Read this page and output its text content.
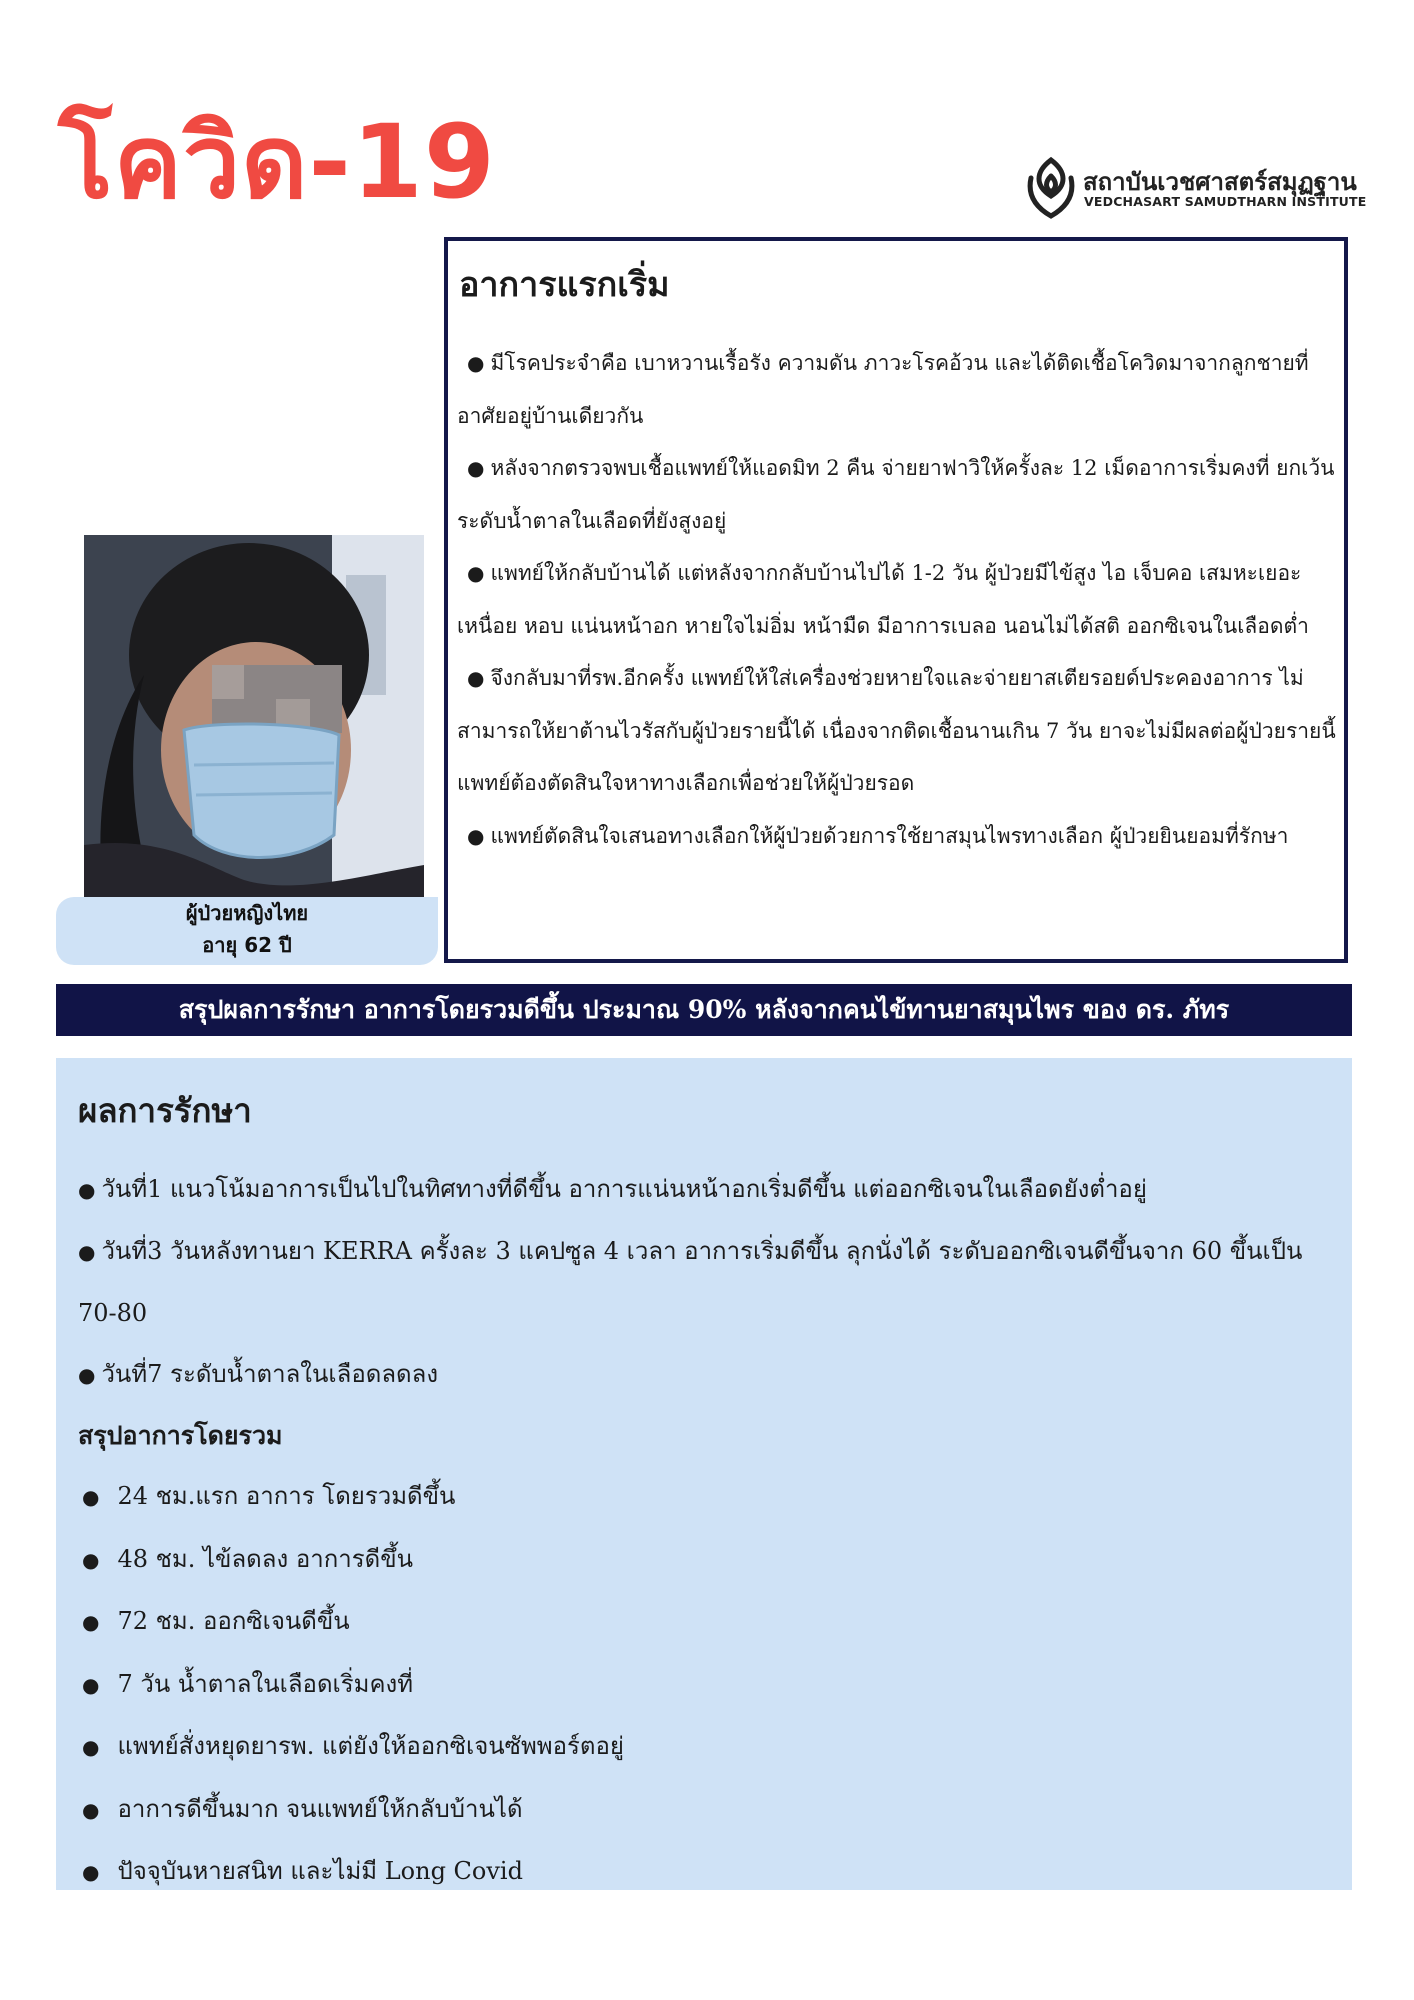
โควิด-19	สถาบันเวชศาสตร์สมุฏฐาน
VEDCHASART SAMUDTHARN INSTITUTE
ผู้ป่วยหญิงไทย
อายุ 62 ปี
อาการแรกเริ่ม

● มีโรคประจำคือ เบาหวานเรื้อรัง ความดัน ภาวะโรคอ้วน และได้ติดเชื้อโควิดมาจากลูกชายที่อาศัยอยู่บ้านเดียวกัน

● หลังจากตรวจพบเชื้อแพทย์ให้แอดมิท 2 คืน จ่ายยาฟาวิให้ครั้งละ 12 เม็ดอาการเริ่มคงที่ ยกเว้นระดับน้ำตาลในเลือดที่ยังสูงอยู่

● แพทย์ให้กลับบ้านได้ แต่หลังจากกลับบ้านไปได้ 1-2 วัน ผู้ป่วยมีไข้สูง ไอ เจ็บคอ เสมหะเยอะ เหนื่อย หอบ แน่นหน้าอก หายใจไม่อิ่ม หน้ามืด มีอาการเบลอ นอนไม่ได้สติ ออกซิเจนในเลือดต่ำ

● จึงกลับมาที่รพ.อีกครั้ง แพทย์ให้ใส่เครื่องช่วยหายใจและจ่ายยาสเตียรอยด์ประคองอาการ ไม่สามารถให้ยาต้านไวรัสกับผู้ป่วยรายนี้ได้ เนื่องจากติดเชื้อนานเกิน 7 วัน ยาจะไม่มีผลต่อผู้ป่วยรายนี้ แพทย์ต้องตัดสินใจหาทางเลือกเพื่อช่วยให้ผู้ป่วยรอด

● แพทย์ตัดสินใจเสนอทางเลือกให้ผู้ป่วยด้วยการใช้ยาสมุนไพรทางเลือก ผู้ป่วยยินยอมที่รักษา

สรุปผลการรักษา อาการโดยรวมดีขึ้น ประมาณ 90% หลังจากคนไข้ทานยาสมุนไพร ของ ดร. ภัทร
ผลการรักษา

● วันที่1 แนวโน้มอาการเป็นไปในทิศทางที่ดีขึ้น อาการแน่นหน้าอกเริ่มดีขึ้น แต่ออกซิเจนในเลือดยังต่ำอยู่

● วันที่3 วันหลังทานยา KERRA ครั้งละ 3 แคปซูล 4 เวลา อาการเริ่มดีขึ้น ลุกนั่งได้ ระดับออกซิเจนดีขึ้นจาก 60 ขึ้นเป็น 70-80

● วันที่7 ระดับน้ำตาลในเลือดลดลง

สรุปอาการโดยรวม

● 24 ชม.แรก อาการ โดยรวมดีขึ้น

● 48 ชม. ไข้ลดลง อาการดีขึ้น

● 72 ชม. ออกซิเจนดีขึ้น

● 7 วัน น้ำตาลในเลือดเริ่มคงที่

● แพทย์สั่งหยุดยารพ. แต่ยังให้ออกซิเจนซัพพอร์ตอยู่

● อาการดีขึ้นมาก จนแพทย์ให้กลับบ้านได้

● ปัจจุบันหายสนิท และไม่มี Long Covid
